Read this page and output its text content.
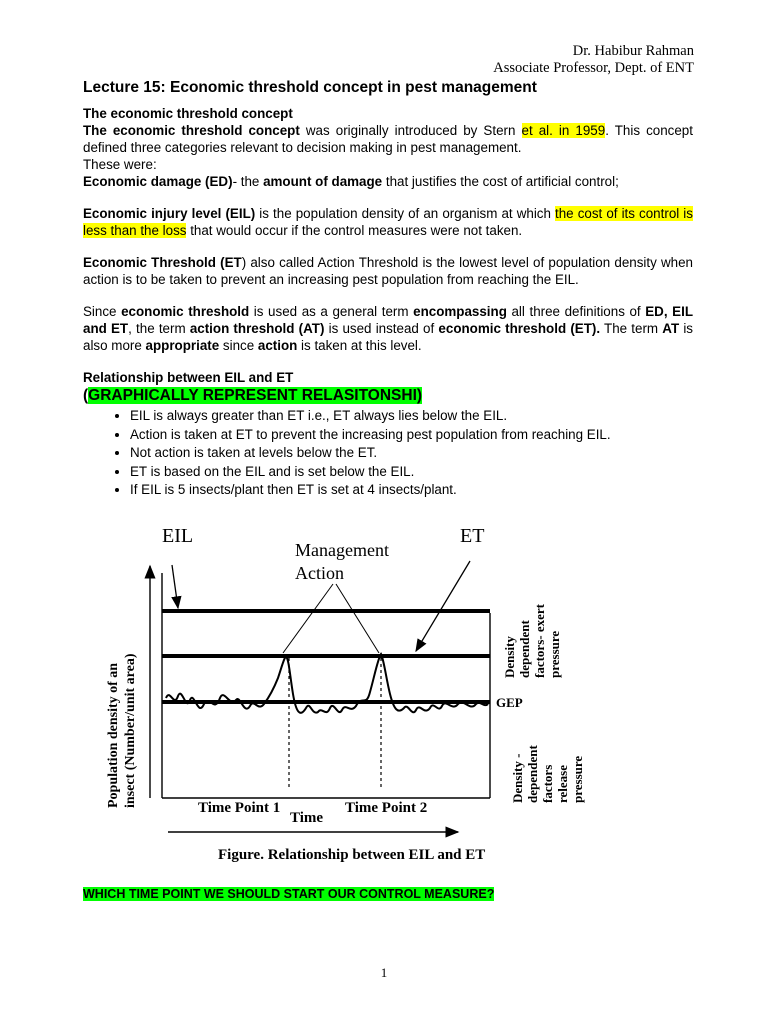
Dr. Habibur Rahman
Associate Professor, Dept. of ENT
Lecture 15: Economic threshold concept in pest management
The economic threshold concept

The economic threshold concept was originally introduced by Stern et al. in 1959. This concept defined three categories relevant to decision making in pest management.

These were:

Economic damage (ED)- the amount of damage that justifies the cost of artificial control;

Economic injury level (EIL) is the population density of an organism at which the cost of its control is less than the loss that would occur if the control measures were not taken.

Economic Threshold (ET) also called Action Threshold is the lowest level of population density when action is to be taken to prevent an increasing pest population from reaching the EIL.

Since economic threshold is used as a general term encompassing all three definitions of ED, EIL and ET, the term action threshold (AT) is used instead of economic threshold (ET). The term AT is also more appropriate since action is taken at this level.

Relationship between EIL and ET
(GRAPHICALLY REPRESENT RELASITONSHI)
• EIL is always greater than ET i.e., ET always lies below the EIL.
• Action is taken at ET to prevent the increasing pest population from reaching EIL.
• Not action is taken at levels below the ET.
• ET is based on the EIL and is set below the EIL.
• If EIL is 5 insects/plant then ET is set at 4 insects/plant.
EIL	ET
Management
Action
GEP
Population density of an insect (Number/unit area)	Density dependent factors- exert pressure
Density - dependent factors release pressure
Time Point 1	Time Point 2
Time
Figure. Relationship between EIL and ET
WHICH TIME POINT WE SHOULD START OUR CONTROL MEASURE?
1
